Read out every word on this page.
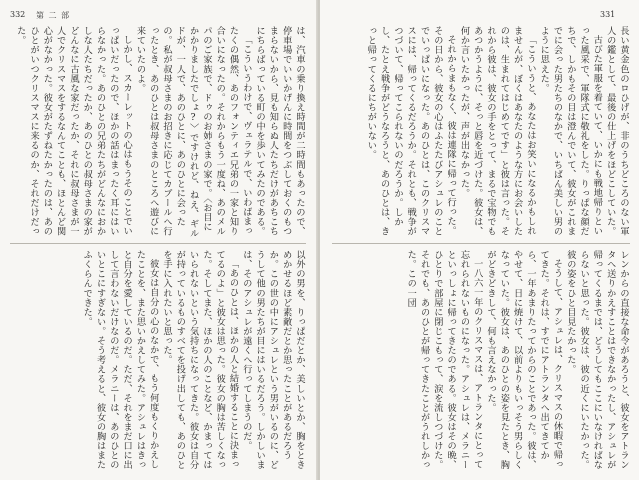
332 第 二 部

は、汽車の乗り換え時間が二時間もあったので、停車場でいいかげんに時間をつぶしておくのもつまらないから、見も知らぬ人たちだけがあちこちにちらばっている町の中を歩いてみたのである。

「こういうわけで、ヴェラテルで、いわばまったくの偶然、あのフォンティエ兄弟の一家と知り合いになったの。それからもう一度ね、あのメルパのご家族で、ドゥのお姉さまの家で。〈お目にかかりましたでしょ?〉ですけれど、ねえ、ギルドが、一人で、あのひとに、あのひとに会ったの。私が叔母さまのお招きに応じてカブールへ行ったとき、あのひとは叔母さまのところへ遊びに来ていたのよ。

しかし、スカーレットの心はもうそのことでいっぱいだったので、ほかの話はまったく耳にはいらなかった。あのひとの兄弟たちがどんなにおかしな人たちだったか、あのひとの叔母さまの家がどんなに古風な家だったか、それに叔母さまが一人でクリスマスをするなんてことも、ほとんど関心がなかった。彼女がたずねたかったのは、あのひとがいつクリスマスに来るのか、それだけだった。

以外の男を、りっぱだとか、美しいとか、胸をときめかせるほど素敵だとか思ったことがあるだろうか。この世の中にアシュレという男がいるのに、どうして他の男たちが目にはいるだろう。しかしいまは、そのアシュレが遠くへ行ってしまうのだ。

「あのひとは、ほかの人と結婚することに決まってるのよ」と彼女は思った。彼女の胸は苦しくなった。そしてまた、ほかの人のことなど、かまってはいられないという気持ちになってきた。彼女は自分が持っているものすべてを投げ出しても、あのひとを手に入れたいと思った。

彼女は自分の心のなかで、もう何度もくりかえしたことを、また思いかえしてみた。アシュレはきっと自分を愛しているのだ。ただ、それをまだ口に出して言わないだけなのだ。メラニーは、あのひとのいとこにすぎない。そう考えると、彼女の胸はまたふくらんできた。

331

長い黄金色のロひげが、非のうちどころのない軍人の鑑として、最後の仕上げをほどこしていた。

古びた軍服を着ていて、いかにも戦地帰りといった風采で、軍隊式に敬礼をした。りっぱな顔だちで、しかもその目は澄んでいて、彼女がこれまでに会った男たちのなかで、いちばん美しい男のように思えた。

「こういうと、あなたはお笑いになるかもしれませんが、ぼくはあなたのような方にお会いしたのは、生まれてはじめてです」と彼は言った。それから彼は、彼女の手をとって、まるで宝物でもあつかうように、そっと唇を近づけた。彼女は、何か言いたかったが、声が出なかった。

それからまもなく、彼は連隊に帰って行った。その日から、彼女の心はふたたびアシュレのことでいっぱいになった。あのひとは、このクリスマスには、帰ってくるだろうか。それとも、戦争がつづいて、帰ってこられないのだろうか。しかし、たとえ戦争がどうなろうと、あのひとは、きっと帰ってくるにちがいない。

レンからの直接な命令があろうと、彼女をアトランタへ送りかえすことはできなかったし、アシュレが帰ってくるまでは、どうしてもここにいなければならないと思った。彼女は、彼の近くにいたかった。彼の姿をひと目見たかった。

そうして、アシュレは、クリスマスの休暇で帰ってきた。それは、すでにアトランタへ出てきてから、一年あまりたってからのことであった。彼は、やせて、日に焼けて、以前よりもいっそう男らしくなっていた。彼女は、あのひとの姿を見たとき、胸がどきどきして、何も言えなかった。

一八六一年のクリスマスは、アトランタにとって忘れられないものになった。アシュレは、メラニーといっしょに帰ってきたのである。彼女はその晩、ひとりで部屋に閉じこもって、涙を流しつづけた。それでも、あのひとが帰ってきたことがうれしかった。この一団
